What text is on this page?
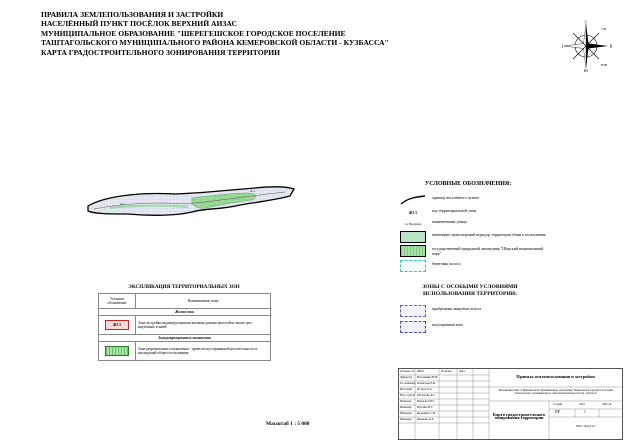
ПРАВИЛА ЗЕМЛЕПОЛЬЗОВАНИЯ И ЗАСТРОЙКИ
НАСЕЛЁННЫЙ ПУНКТ ПОСЁЛОК ВЕРХНИЙ АИЗАС
МУНИЦИПАЛЬНОЕ ОБРАЗОВАНИЕ "ШЕРЕГЕШСКОЕ ГОРОДСКОЕ ПОСЕЛЕНИЕ
ТАШТАГОЛЬСКОГО МУНИЦИПАЛЬНОГО РАЙОНА КЕМЕРОВСКОЙ ОБЛАСТИ - КУЗБАССА"
КАРТА ГРАДОСТРОИТЕЛЬНОГО ЗОНИРОВАНИЯ ТЕРРИТОРИИ
С
Ю
В
З
СВ
ЮВ
Ж3 5
Ж3 5
УСЛОВНЫЕ ОБОЗНАЧЕНИЯ:
граница населённого пункта
Ж3 5	код территориальной зоны
ул. Нагорная	наименование улицы
инженерно-транспортный коридор, территории общего пользования
государственный природный заповедник "Шорский национальный парк"
береговая полоса
ЗОНЫ С ОСОБЫМИ УСЛОВИЯМИ ИСПОЛЬЗОВАНИЯ ТЕРРИТОРИИ:
прибрежная защитная полоса
водоохранная зона
ЭКСПЛИКАЦИЯ ТЕРРИТОРИАЛЬНЫХ ЗОН
Условное обозначение	Наименование зоны
Жилая зона	
Ж3 5	Зона застройки индивидуальными жилыми домами высотой не выше трех надземных этажей
Зона рекреационного назначения	
	Зона рекреационного назначения - древесно-кустарниковой растительности и насаждений общего пользования
Масштаб 1 : 5 000
Должность ФИО	Подпись	Дата
Директор Ветошкина Н.Н.
Гл. инженер Зеленская Е.В.
Исполнит. Петров Л.А.
Нач. отдела Малахова А.С.
Инженер Иванова И.П.
Инженер Барсина В.Г.
Инженер Кузьмина С.И.
Инженер Иванова А.А.
Правила землепользования и застройки
Населённый пункт п. Верхний Аизас Муниципальное образование "Шерегешское городское поселение Таштагольского муниципального района Кемеровской области - Кузбасса"
Карта градостроительного зонирования территории
Стадия	Лист	Листов
ПР	1
ООО "Кадастр"
